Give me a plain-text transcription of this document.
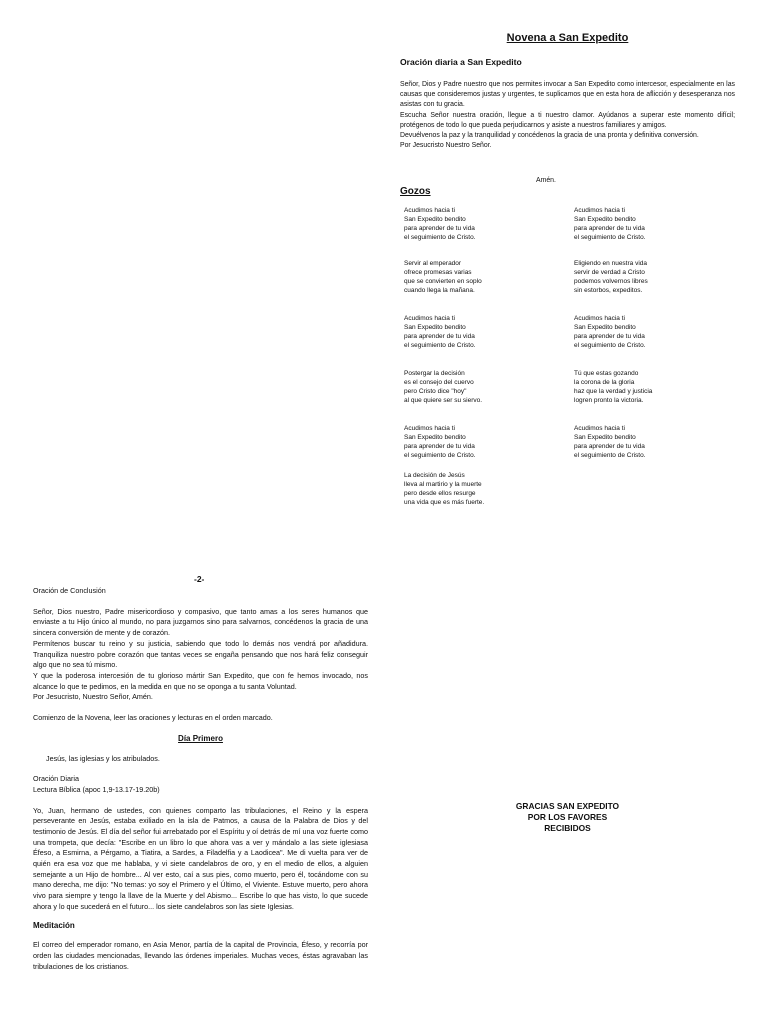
Novena a San Expedito
Oración diaria a San Expedito
Señor, Dios y Padre nuestro que nos permites invocar a San Expedito como intercesor, especialmente en las causas que consideremos justas y urgentes, te suplicamos que en esta hora de aflicción y desesperanza nos asistas con tu gracia.
Escucha Señor nuestra oración, llegue a ti nuestro clamor. Ayúdanos a superar este momento difícil; protégenos de todo lo que pueda perjudicarnos y asiste a nuestros familiares y amigos.
Devuélvenos la paz y la tranquilidad y concédenos la gracia de una pronta y definitiva conversión.
Por Jesucristo Nuestro Señor.
Amén.
Gozos
Acudimos hacia ti
San Expedito bendito
para aprender de tu vida
el seguimiento de Cristo.
Acudimos hacia ti
San Expedito bendito
para aprender de tu vida
el seguimiento de Cristo.
Servir al emperador
ofrece promesas varias
que se convierten en soplo
cuando llega la mañana.
Eligiendo en nuestra vida
servir de verdad a Cristo
podemos volvernos libres
sin estorbos, expeditos.
Acudimos hacia ti
San Expedito bendito
para aprender de tu vida
el seguimiento de Cristo.
Acudimos hacia ti
San Expedito bendito
para aprender de tu vida
el seguimiento de Cristo.
Postergar la decisión
es el consejo del cuervo
pero Cristo dice "hoy"
al que quiere ser su siervo.
Tú que estas gozando
la corona de la gloria
haz que la verdad y justicia
logren pronto la victoria.
Acudimos hacia ti
San Expedito bendito
para aprender de tu vida
el seguimiento de Cristo.
Acudimos hacia ti
San Expedito bendito
para aprender de tu vida
el seguimiento de Cristo.
La decisión de Jesús
lleva al martirio y la muerte
pero desde ellos resurge
una vida que es más fuerte.
-2-
Oración de Conclusión
Señor, Dios nuestro, Padre misericordioso y compasivo, que tanto amas a los seres humanos que enviaste a tu Hijo único al mundo, no para juzgarnos sino para salvarnos, concédenos la gracia de una sincera conversión de mente y de corazón.
Permítenos buscar tu reino y su justicia, sabiendo que todo lo demás nos vendrá por añadidura. Tranquiliza nuestro pobre corazón que tantas veces se engaña pensando que nos hará feliz conseguir algo que no sea tú mismo.
Y que la poderosa intercesión de tu glorioso mártir San Expedito, que con fe hemos invocado, nos alcance lo que te pedimos, en la medida en que no se oponga a tu santa Voluntad.
Por Jesucristo, Nuestro Señor, Amén.
Comienzo de la Novena, leer las oraciones y lecturas en el orden marcado.
Día Primero
Jesús, las iglesias y los atribulados.
Oración Diaria
Lectura Bíblica (apoc 1,9-13.17-19.20b)
Yo, Juan, hermano de ustedes, con quienes comparto las tribulaciones, el Reino y la espera perseverante en Jesús, estaba exiliado en la isla de Patmos, a causa de la Palabra de Dios y del testimonio de Jesús. El día del señor fui arrebatado por el Espíritu y oí detrás de mí una voz fuerte como una trompeta, que decía: "Escribe en un libro lo que ahora vas a ver y mándalo a las siete iglesiasa Éfeso, a Esmirna, a Pérgamo, a Tiatira, a Sardes, a Filadelfia y a Laodicea". Me di vuelta para ver de quién era esa voz que me hablaba, y vi siete candelabros de oro, y en el medio de ellos, a alguien semejante a un Hijo de hombre... Al ver esto, caí a sus pies, como muerto, pero él, tocándome con su mano derecha, me dijo: "No temas: yo soy el Primero y el Último, el Viviente. Estuve muerto, pero ahora vivo para siempre y tengo la llave de la Muerte y del Abismo... Escribe lo que has visto, lo que sucede ahora y lo que sucederá en el futuro... los siete candelabros son las siete Iglesias.
Meditación
El correo del emperador romano, en Asia Menor, partía de la capital de Provincia, Éfeso, y recorría por orden las ciudades mencionadas, llevando las órdenes imperiales. Muchas veces, éstas agravaban las tribulaciones de los cristianos.
GRACIAS SAN EXPEDITO
POR LOS FAVORES
RECIBIDOS
